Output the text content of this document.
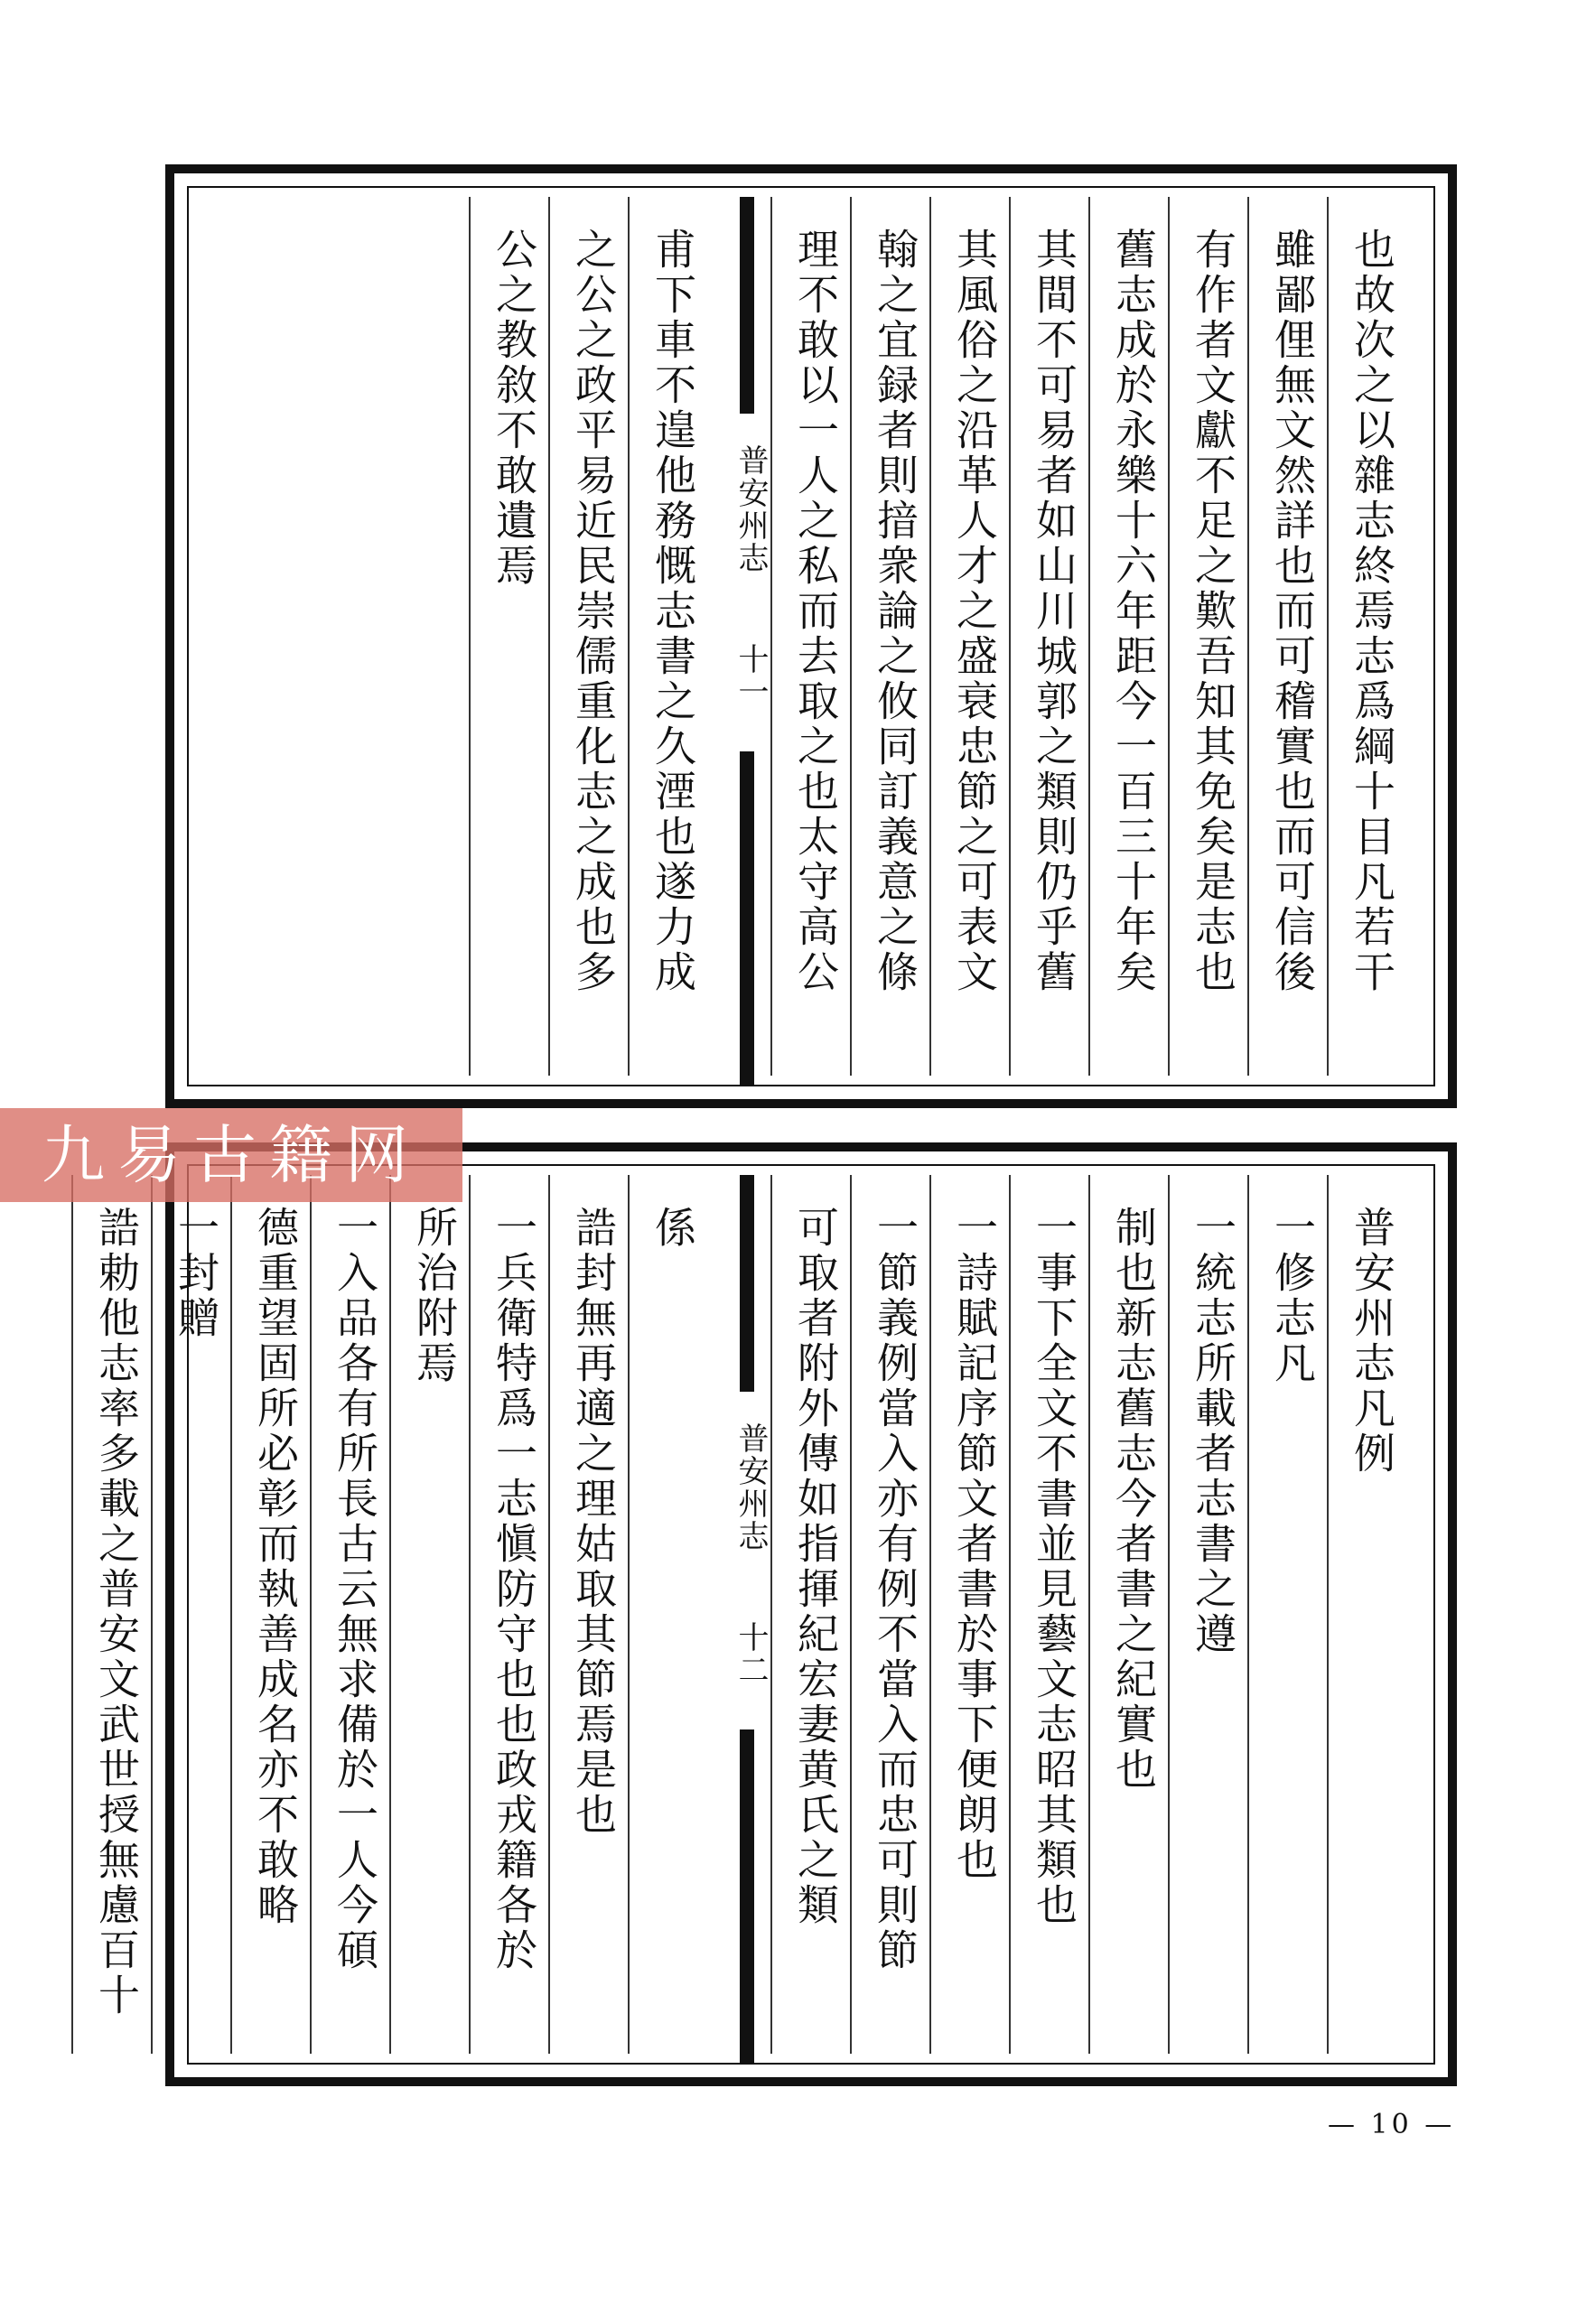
也故次之以雜志終焉志爲綱十目凡若干
雖鄙俚無文然詳也而可稽實也而可信後
有作者文獻不足之歎吾知其免矣是志也
舊志成於永樂十六年距今一百三十年矣
其間不可易者如山川城郭之類則仍乎舊
其風俗之沿革人才之盛衰忠節之可表文
翰之宜録者則揞衆論之攸同訂義意之條
理不敢以一人之私而去取之也太守高公
普安州志
十一
甫下車不遑他務慨志書之久湮也遂力成
之公之政平易近民崇儒重化志之成也多
公之教敘不敢遺焉
普安州志凡例
一修志凡
一統志所載者志書之遵
制也新志舊志今者書之紀實也
一事下全文不書並見藝文志昭其類也
一詩賦記序節文者書於事下便朗也
一節義例當入亦有例不當入而忠可則節
可取者附外傳如指揮紀宏妻黄氏之類
普安州志
十二
係
誥封無再適之理姑取其節焉是也
一兵衛特爲一志愼防守也也政戎籍各於
所治附焉
一入品各有所長古云無求備於一人今碩
德重望固所必彰而執善成名亦不敢略
一封贈
誥勅他志率多載之普安文武世授無慮百十
九易古籍网
— 10 —
